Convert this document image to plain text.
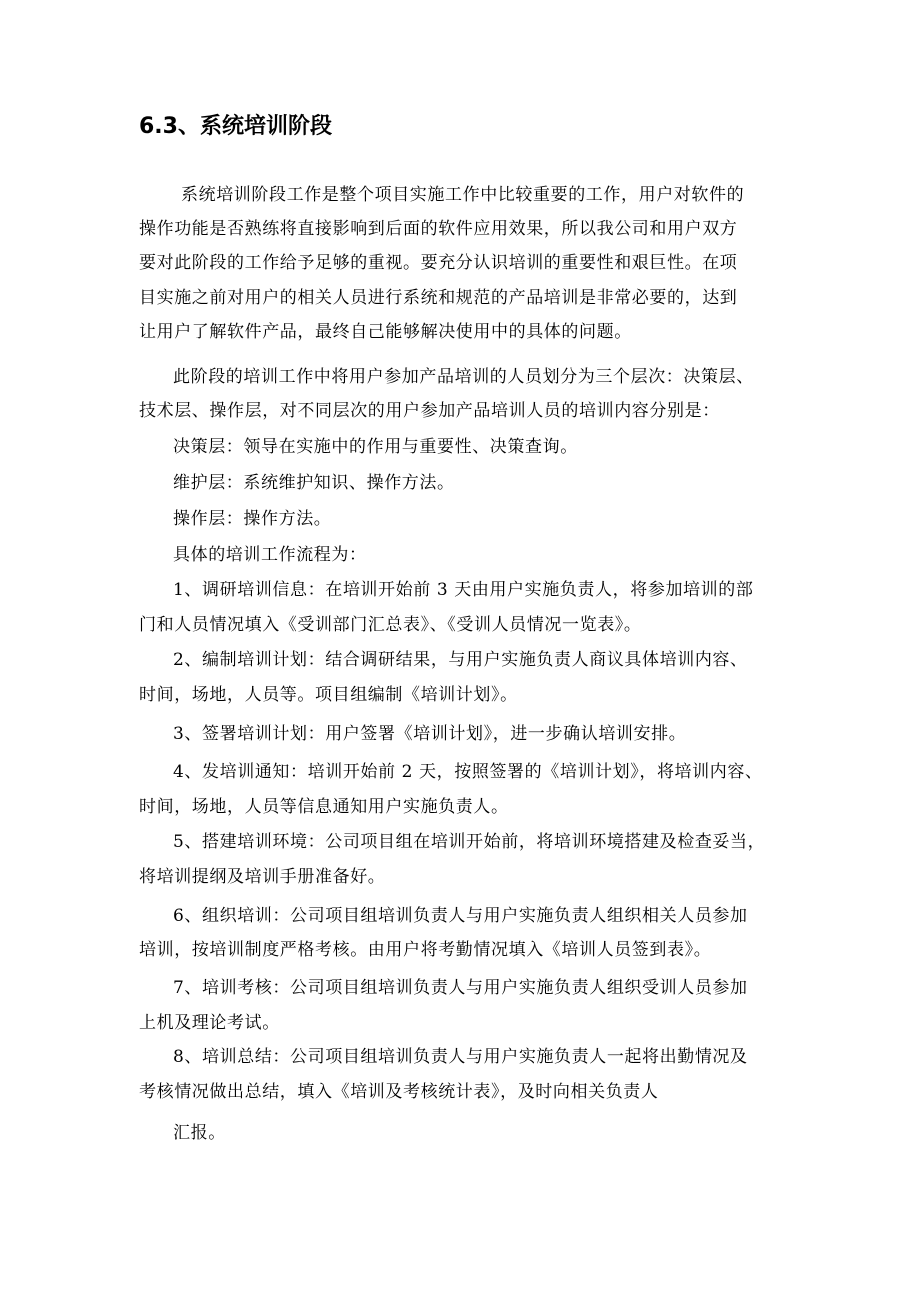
6.3、系统培训阶段
系统培训阶段工作是整个项目实施工作中比较重要的工作，用户对软件的
操作功能是否熟练将直接影响到后面的软件应用效果，所以我公司和用户双方
要对此阶段的工作给予足够的重视。要充分认识培训的重要性和艰巨性。在项
目实施之前对用户的相关人员进行系统和规范的产品培训是非常必要的，达到
让用户了解软件产品，最终自己能够解决使用中的具体的问题。
此阶段的培训工作中将用户参加产品培训的人员划分为三个层次：决策层、
技术层、操作层，对不同层次的用户参加产品培训人员的培训内容分别是：
决策层：领导在实施中的作用与重要性、决策查询。
维护层：系统维护知识、操作方法。
操作层：操作方法。
具体的培训工作流程为：
1、调研培训信息：在培训开始前 3 天由用户实施负责人，将参加培训的部
门和人员情况填入《受训部门汇总表》、《受训人员情况一览表》。
2、编制培训计划：结合调研结果，与用户实施负责人商议具体培训内容、
时间，场地，人员等。项目组编制《培训计划》。
3、签署培训计划：用户签署《培训计划》，进一步确认培训安排。
4、发培训通知：培训开始前 2 天，按照签署的《培训计划》，将培训内容、
时间，场地，人员等信息通知用户实施负责人。
5、搭建培训环境：公司项目组在培训开始前，将培训环境搭建及检查妥当，
将培训提纲及培训手册准备好。
6、组织培训：公司项目组培训负责人与用户实施负责人组织相关人员参加
培训，按培训制度严格考核。由用户将考勤情况填入《培训人员签到表》。
7、培训考核：公司项目组培训负责人与用户实施负责人组织受训人员参加
上机及理论考试。
8、培训总结：公司项目组培训负责人与用户实施负责人一起将出勤情况及
考核情况做出总结，填入《培训及考核统计表》，及时向相关负责人
汇报。
